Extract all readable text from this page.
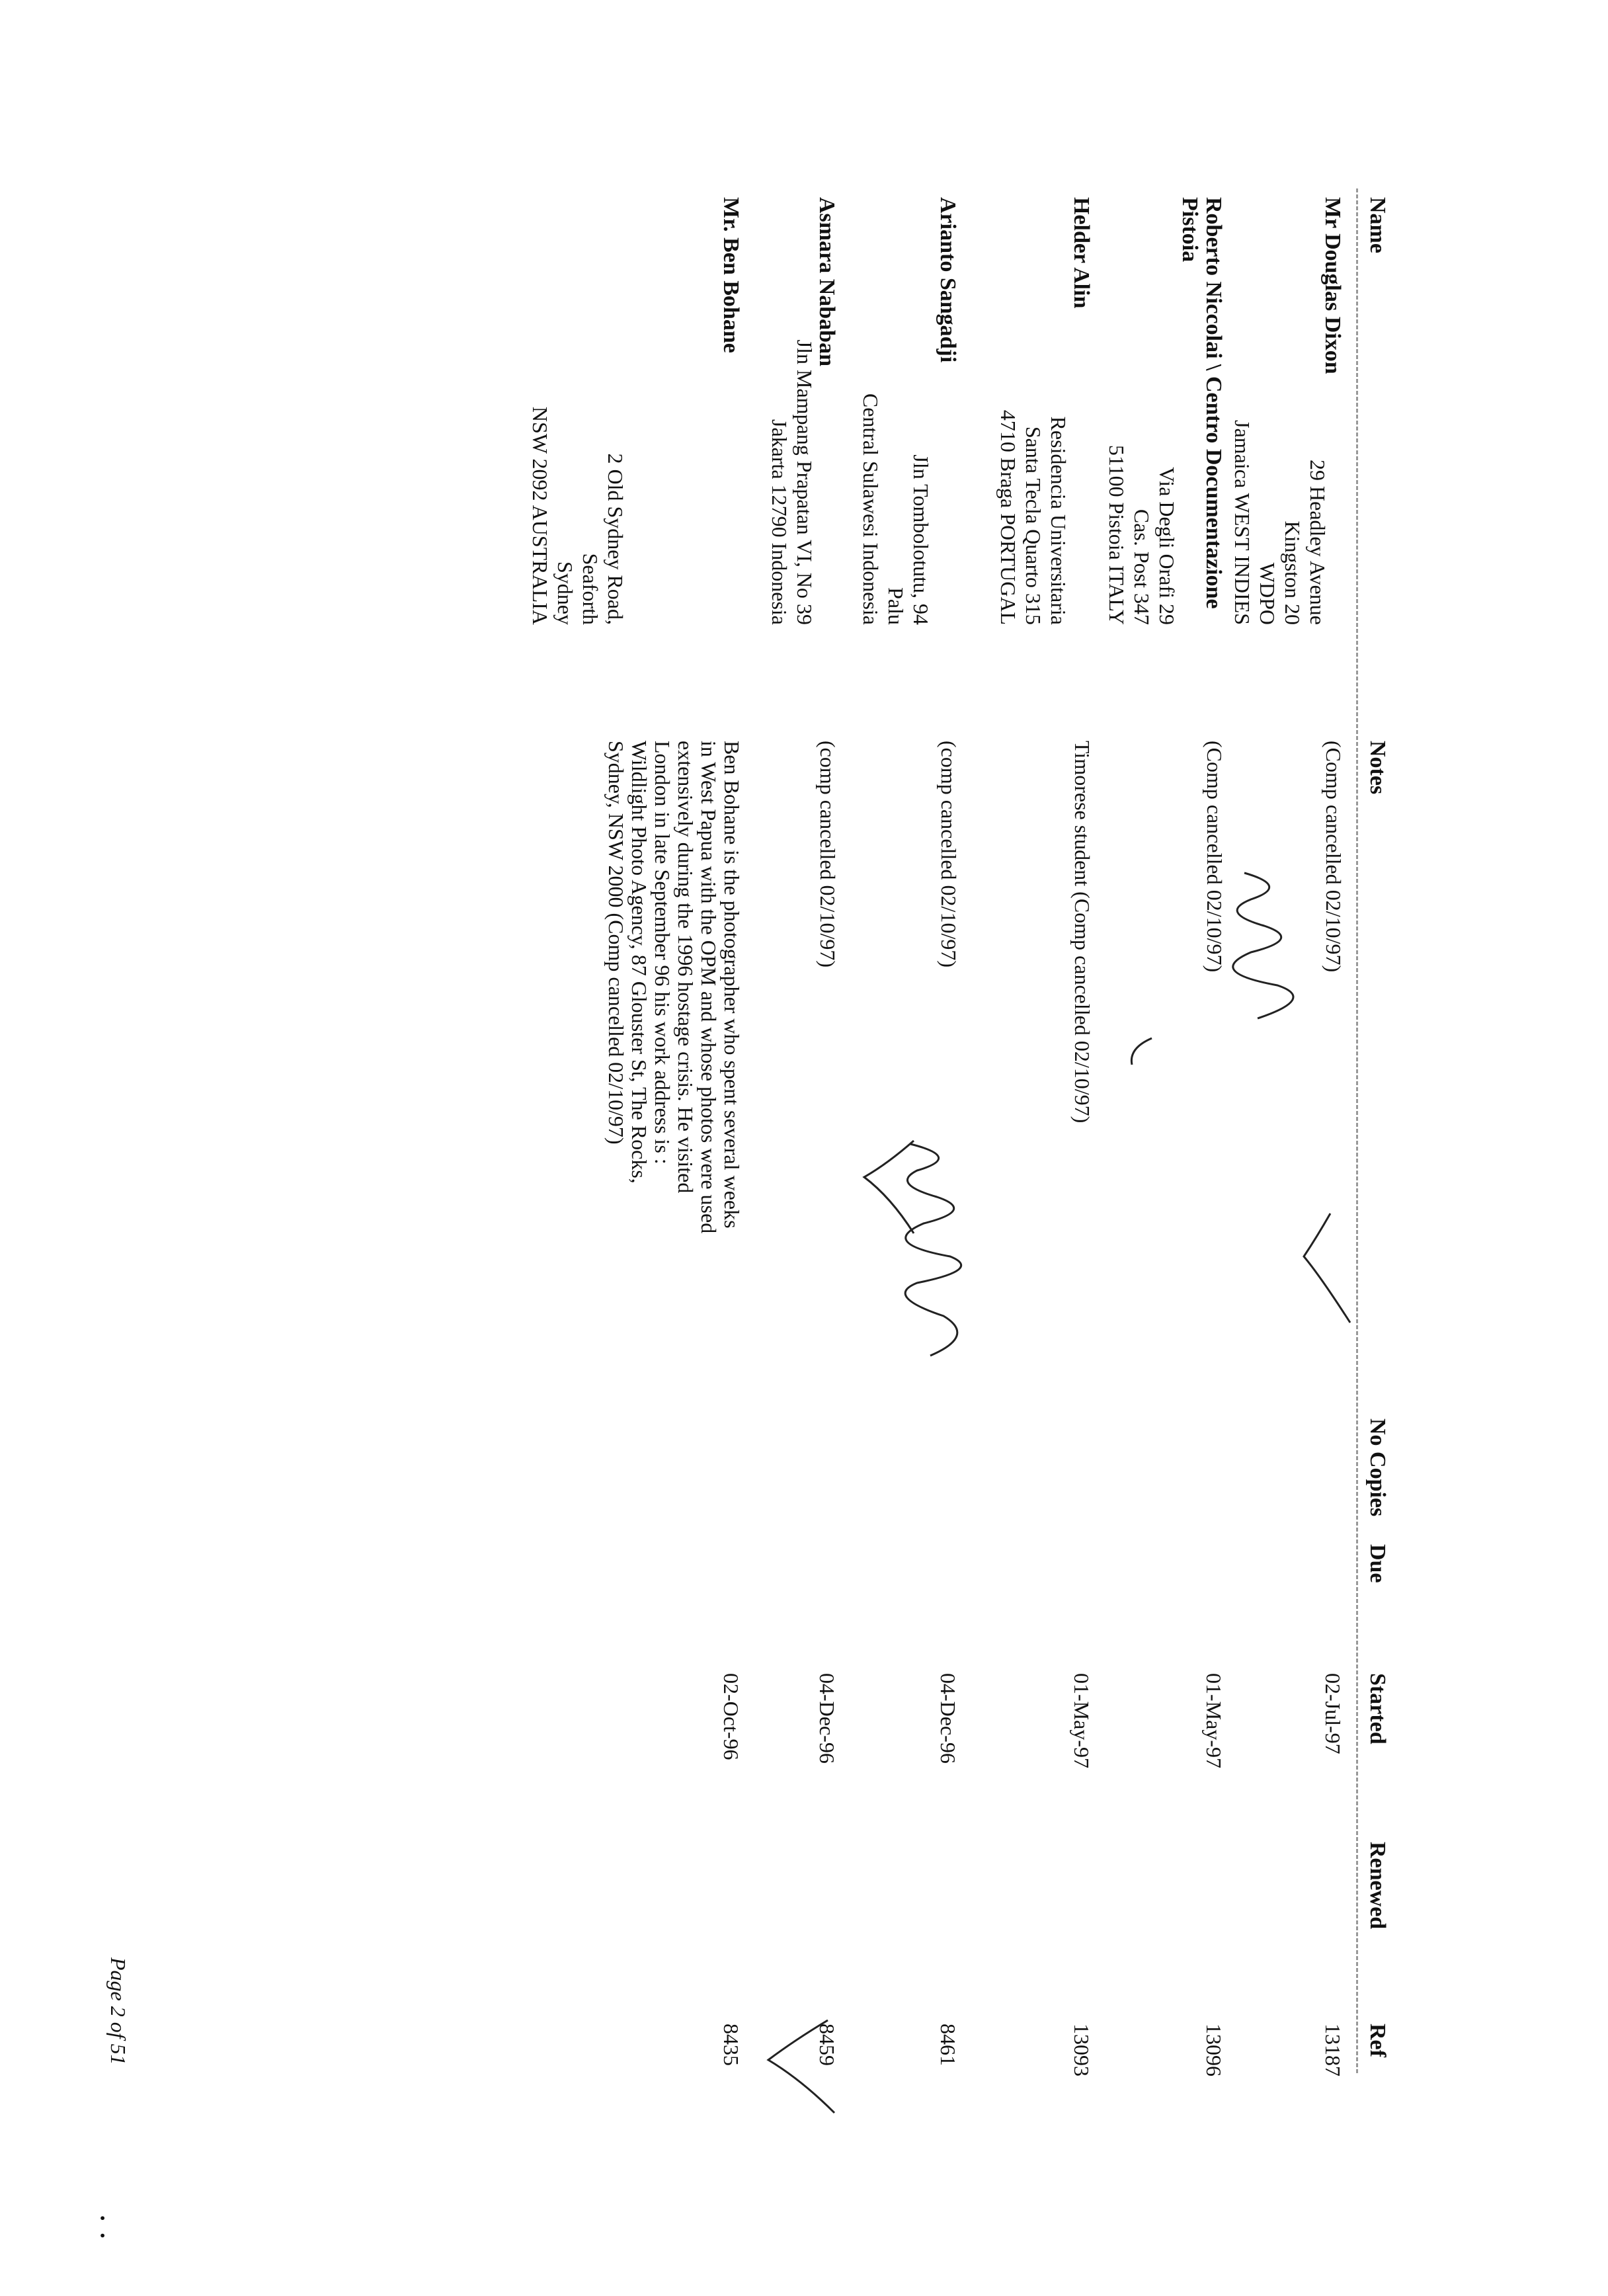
Name
Notes
No Copies
Due
Started
Renewed
Ref
Mr Douglas Dixon
29 Headley Avenue
Kingston 20
WDPO
Jamaica WEST INDIES
(Comp cancelled 02/10/97)
02-Jul-97
13187
Roberto Niccolai \ Centro Documentazione
Pistoia
Via Degli Orafi 29
Cas. Post 347
51100 Pistoia ITALY
(Comp cancelled 02/10/97)
01-May-97
13096
Helder Alin
Residencia Universitaria
Santa Tecla Quarto 315
4710 Braga PORTUGAL
Timorese student (Comp cancelled 02/10/97)
01-May-97
13093
Arianto Sangadji
Jln Tombolotutu, 94
Palu
Central Sulawesi Indonesia
(comp cancelled 02/10/97)
04-Dec-96
8461
Asmara Nababan
Jln Mampang Prapatan VI, No 39
Jakarta 12790 Indonesia
(comp cancelled 02/10/97)
04-Dec-96
8459
Mr. Ben Bohane
2 Old Sydney Road,
Seaforth
Sydney
NSW 2092 AUSTRALIA
Ben Bohane is the photographer who spent several weeks
in West Papua with the OPM and whose photos were used
extensively during the 1996 hostage crisis. He visited
London in late September 96 his work address is :
Wildlight Photo Agency, 87 Glouster St, The Rocks,
Sydney, NSW 2000 (Comp cancelled 02/10/97)
02-Oct-96
8435
Page 2 of 51
•   •
